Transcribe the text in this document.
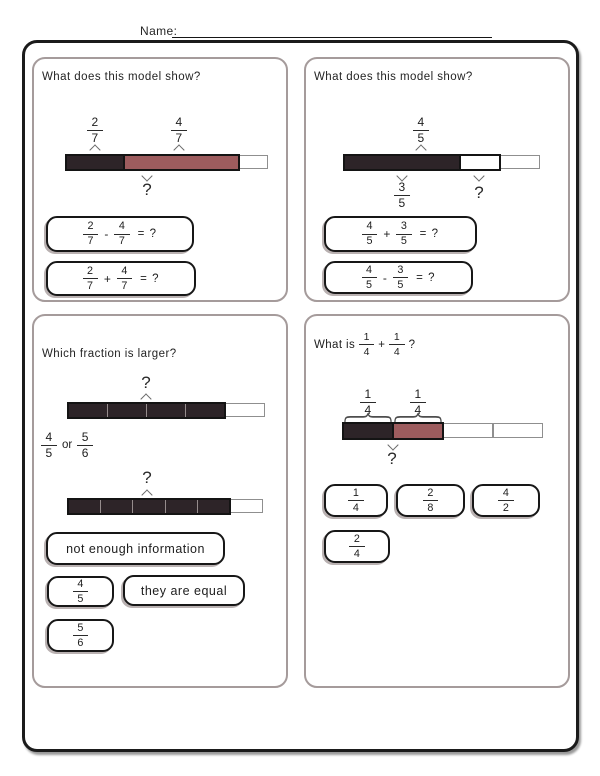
Name:
What does this model show?
$\frac{2}{7}$	$\frac{4}{7}$
?
$\frac{2}{7} - \frac{4}{7}$ = ?
$\frac{2}{7} + \frac{4}{7}$ = ?
What does this model show?
$\frac{4}{5}$
$\frac{3}{5}$	?
$\frac{4}{5} + \frac{3}{5}$ = ?
$\frac{4}{5} - \frac{3}{5}$ = ?
Which fraction is larger?
?
$\frac{4}{5}$ or $\frac{5}{6}$
?
not enough information
$\frac{4}{5}$	they are equal
$\frac{5}{6}$
What is $\frac{1}{4} + \frac{1}{4}$ ?
$\frac{1}{4}$	$\frac{1}{4}$
?
$\frac{1}{4}$	$\frac{2}{8}$	$\frac{4}{2}$
$\frac{2}{4}$
